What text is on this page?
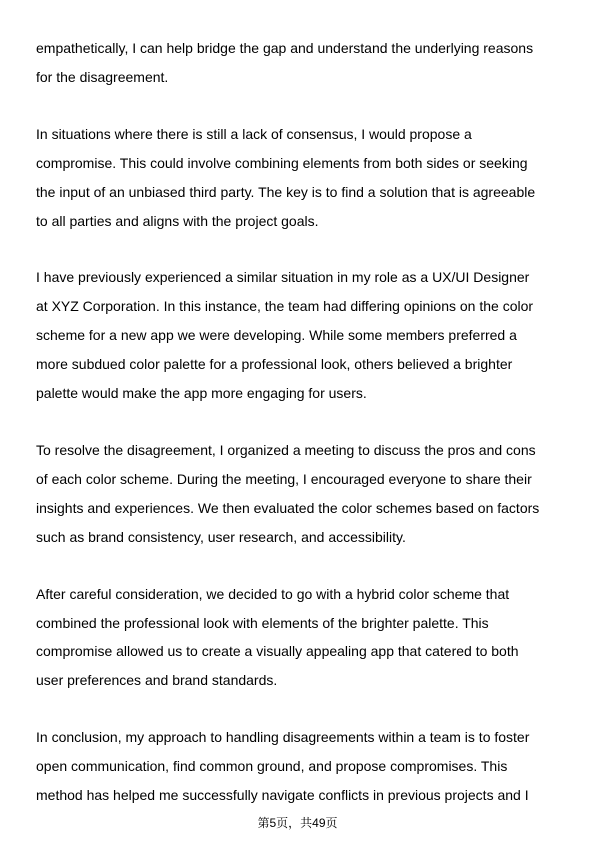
empathetically, I can help bridge the gap and understand the underlying reasons
for the disagreement.

In situations where there is still a lack of consensus, I would propose a
compromise. This could involve combining elements from both sides or seeking
the input of an unbiased third party. The key is to find a solution that is agreeable
to all parties and aligns with the project goals.

I have previously experienced a similar situation in my role as a UX/UI Designer
at XYZ Corporation. In this instance, the team had differing opinions on the color
scheme for a new app we were developing. While some members preferred a
more subdued color palette for a professional look, others believed a brighter
palette would make the app more engaging for users.

To resolve the disagreement, I organized a meeting to discuss the pros and cons
of each color scheme. During the meeting, I encouraged everyone to share their
insights and experiences. We then evaluated the color schemes based on factors
such as brand consistency, user research, and accessibility.

After careful consideration, we decided to go with a hybrid color scheme that
combined the professional look with elements of the brighter palette. This
compromise allowed us to create a visually appealing app that catered to both
user preferences and brand standards.

In conclusion, my approach to handling disagreements within a team is to foster
open communication, find common ground, and propose compromises. This
method has helped me successfully navigate conflicts in previous projects and I

第5页，共49页
